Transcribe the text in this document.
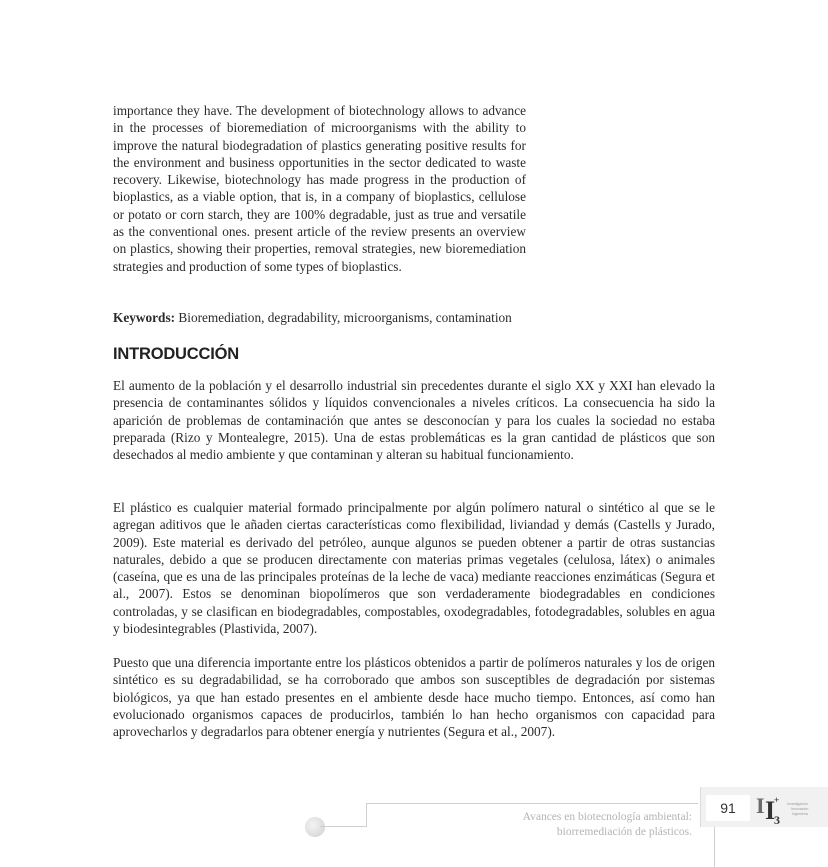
importance they have. The development of biotechnology allows to advance in the processes of bioremediation of microorganisms with the ability to improve the natural biodegradation of plastics generating positive results for the environment and business opportunities in the sector dedicated to waste recovery. Likewise, biotechnology has made progress in the production of bioplastics, as a viable option, that is, in a company of bioplastics, cellulose or potato or corn starch, they are 100% degradable, just as true and versatile as the conventional ones. present article of the review presents an overview on plastics, showing their properties, removal strategies, new bioremediation strategies and production of some types of bioplastics.

Keywords: Bioremediation, degradability, microorganisms, contamination
INTRODUCCIÓN

El aumento de la población y el desarrollo industrial sin precedentes durante el siglo XX y XXI han elevado la presencia de contaminantes sólidos y líquidos convencionales a niveles críticos. La consecuencia ha sido la aparición de problemas de contaminación que antes se desconocían y para los cuales la sociedad no estaba preparada (Rizo y Montealegre, 2015). Una de estas problemáticas es la gran cantidad de plásticos que son desechados al medio ambiente y que contaminan y alteran su habitual funcionamiento.

El plástico es cualquier material formado principalmente por algún polímero natural o sintético al que se le agregan aditivos que le añaden ciertas características como flexibilidad, liviandad y demás (Castells y Jurado, 2009). Este material es derivado del petróleo, aunque algunos se pueden obtener a partir de otras sustancias naturales, debido a que se producen directamente con materias primas vegetales (celulosa, látex) o animales (caseína, que es una de las principales proteínas de la leche de vaca) mediante reacciones enzimáticas (Segura et al., 2007). Estos se denominan biopolímeros que son verdaderamente biodegradables en condiciones controladas, y se clasifican en biodegradables, compostables, oxodegradables, fotodegradables, solubles en agua y biodesintegrables (Plastivida, 2007).

Puesto que una diferencia importante entre los plásticos obtenidos a partir de polímeros naturales y los de origen sintético es su degradabilidad, se ha corroborado que ambos son susceptibles de degradación por sistemas biológicos, ya que han estado presentes en el ambiente desde hace mucho tiempo. Entonces, así como han evolucionado organismos capaces de producirlos, también lo han hecho organismos con capacidad para aprovecharlos y degradarlos para obtener energía y nutrientes (Segura et al., 2007).

Avances en biotecnología ambiental:
biorremediación de plásticos.
91 I I
3
+ Investigación
Innovación
Ingeniería
